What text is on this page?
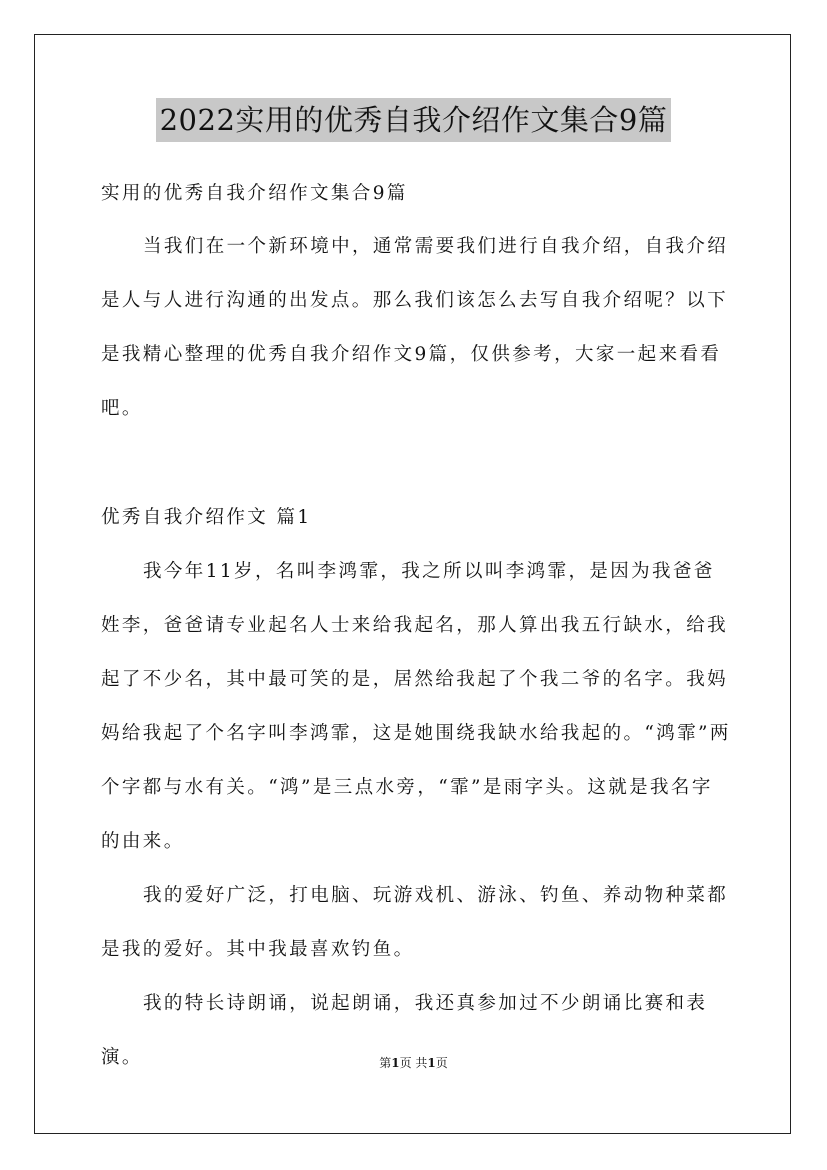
2022实用的优秀自我介绍作文集合9篇

实用的优秀自我介绍作文集合9篇

当我们在一个新环境中，通常需要我们进行自我介绍，自我介绍是人与人进行沟通的出发点。那么我们该怎么去写自我介绍呢？以下是我精心整理的优秀自我介绍作文9篇，仅供参考，大家一起来看看吧。

优秀自我介绍作文 篇1

我今年11岁，名叫李鸿霏，我之所以叫李鸿霏，是因为我爸爸姓李，爸爸请专业起名人士来给我起名，那人算出我五行缺水，给我起了不少名，其中最可笑的是，居然给我起了个我二爷的名字。我妈妈给我起了个名字叫李鸿霏，这是她围绕我缺水给我起的。“鸿霏”两个字都与水有关。“鸿”是三点水旁，“霏”是雨字头。这就是我名字的由来。

我的爱好广泛，打电脑、玩游戏机、游泳、钓鱼、养动物种菜都是我的爱好。其中我最喜欢钓鱼。

我的特长诗朗诵，说起朗诵，我还真参加过不少朗诵比赛和表演。	第1页 共1页
